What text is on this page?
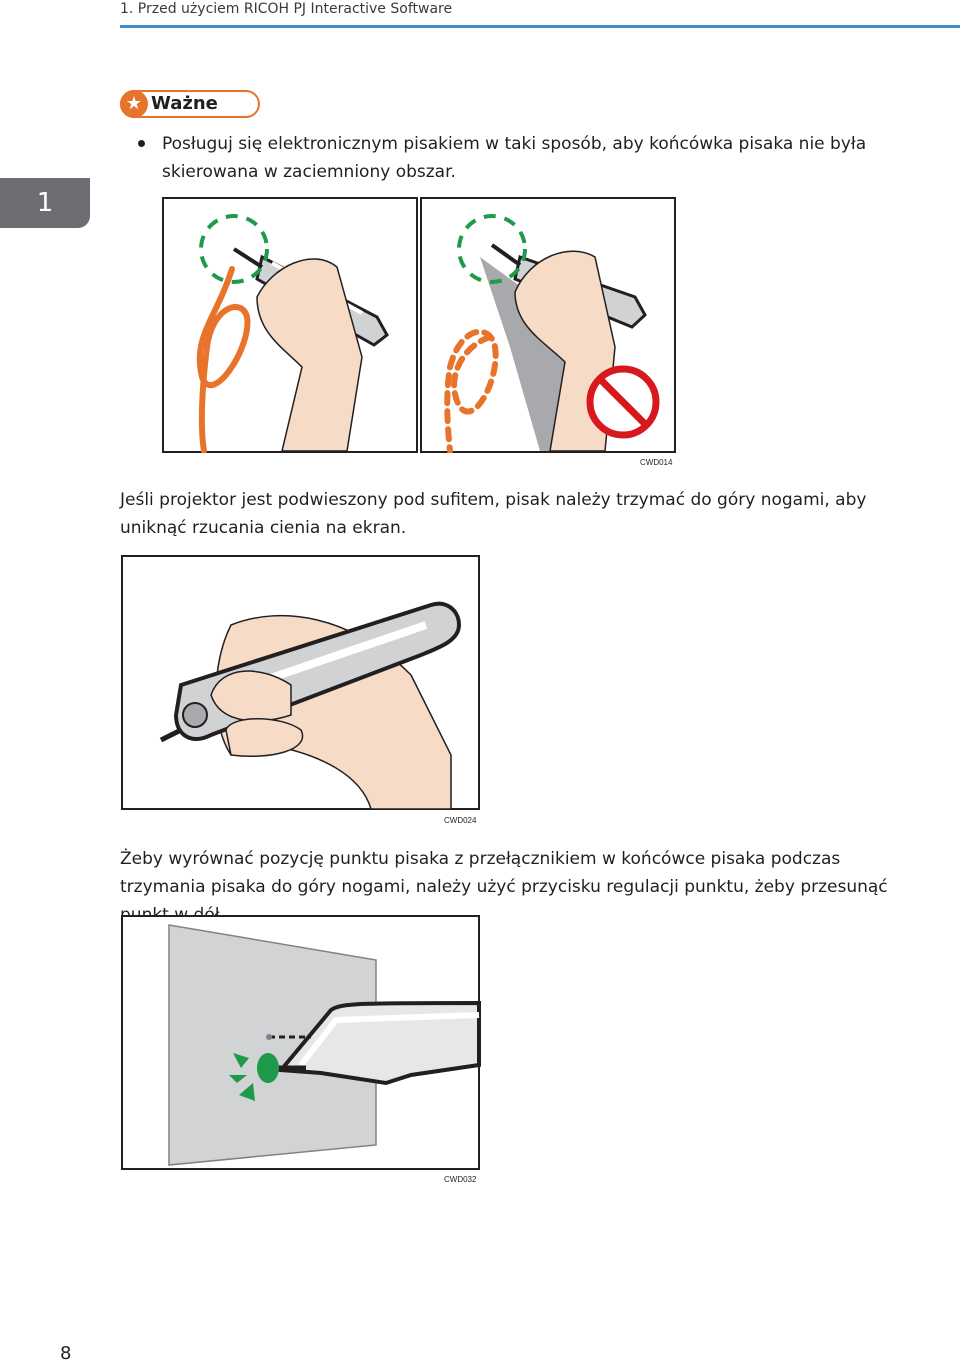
1. Przed użyciem RICOH PJ Interactive Software
1
★ Ważne
Posługuj się elektronicznym pisakiem w taki sposób, aby końcówka pisaka nie była skierowana w zaciemniony obszar.
CWD014
Jeśli projektor jest podwieszony pod sufitem, pisak należy trzymać do góry nogami, aby uniknąć rzucania cienia na ekran.
CWD024
Żeby wyrównać pozycję punktu pisaka z przełącznikiem w końcówce pisaka podczas trzymania pisaka do góry nogami, należy użyć przycisku regulacji punktu, żeby przesunąć
CWD032
8
